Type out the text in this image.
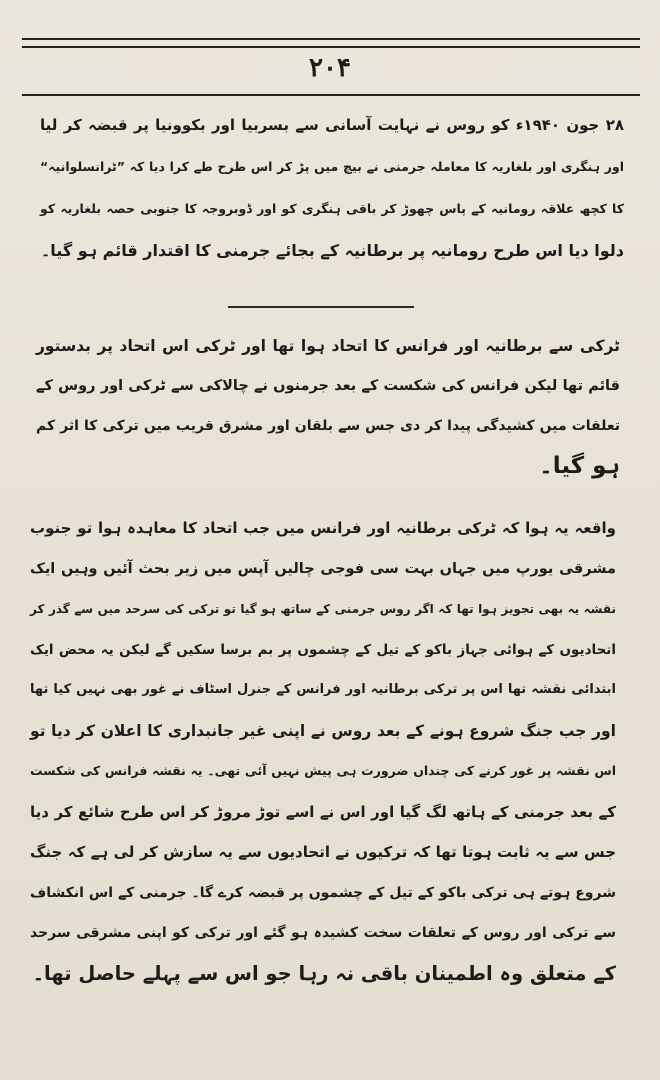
۲۰۴
۲۸ جون ۱۹۴۰ء کو روس نے نہایت آسانی سے بسربیا اور بکوونیا پر قبضہ کر لیا
اور ہنگری اور بلغاریہ کا معاملہ جرمنی نے بیچ میں پڑ کر اس طرح طے کرا دیا کہ ”ٹرانسلوانیہ“
کا کچھ علاقہ رومانیہ کے پاس چھوڑ کر باقی ہنگری کو اور ڈوبروجہ کا جنوبی حصہ بلغاریہ کو
دلوا دیا اس طرح رومانیہ پر برطانیہ کے بجائے جرمنی کا اقتدار قائم ہو گیا۔
ٹرکی سے برطانیہ اور فرانس کا اتحاد ہوا تھا اور ٹرکی اس اتحاد پر بدستور
قائم تھا لیکن فرانس کی شکست کے بعد جرمنوں نے چالاکی سے ٹرکی اور روس کے
تعلقات میں کشیدگی پیدا کر دی جس سے بلقان اور مشرق قریب میں ترکی کا اثر کم
ہو گیا۔
واقعہ یہ ہوا کہ ٹرکی برطانیہ اور فرانس میں جب اتحاد کا معاہدہ ہوا تو جنوب
مشرقی یورپ میں جہاں بہت سی فوجی چالیں آپس میں زیر بحث آئیں وہیں ایک
نقشہ یہ بھی تجویز ہوا تھا کہ اگر روس جرمنی کے ساتھ ہو گیا تو ترکی کی سرحد میں سے گذر کر
اتحادیوں کے ہوائی جہاز باکو کے تیل کے چشموں پر بم برسا سکیں گے لیکن یہ محض ایک
ابتدائی نقشہ تھا اس پر ترکی برطانیہ اور فرانس کے جنرل اسٹاف نے غور بھی نہیں کیا تھا
اور جب جنگ شروع ہونے کے بعد روس نے اپنی غیر جانبداری کا اعلان کر دیا تو
اس نقشہ پر غور کرنے کی چنداں ضرورت ہی پیش نہیں آئی تھی۔ یہ نقشہ فرانس کی شکست
کے بعد جرمنی کے ہاتھ لگ گیا اور اس نے اسے توڑ مروڑ کر اس طرح شائع کر دیا
جس سے یہ ثابت ہوتا تھا کہ ترکیوں نے اتحادیوں سے یہ سازش کر لی ہے کہ جنگ
شروع ہوتے ہی ترکی باکو کے تیل کے چشموں پر قبضہ کرے گا۔ جرمنی کے اس انکشاف
سے ترکی اور روس کے تعلقات سخت کشیدہ ہو گئے اور ترکی کو اپنی مشرقی سرحد
کے متعلق وہ اطمینان باقی نہ رہا جو اس سے پہلے حاصل تھا۔
